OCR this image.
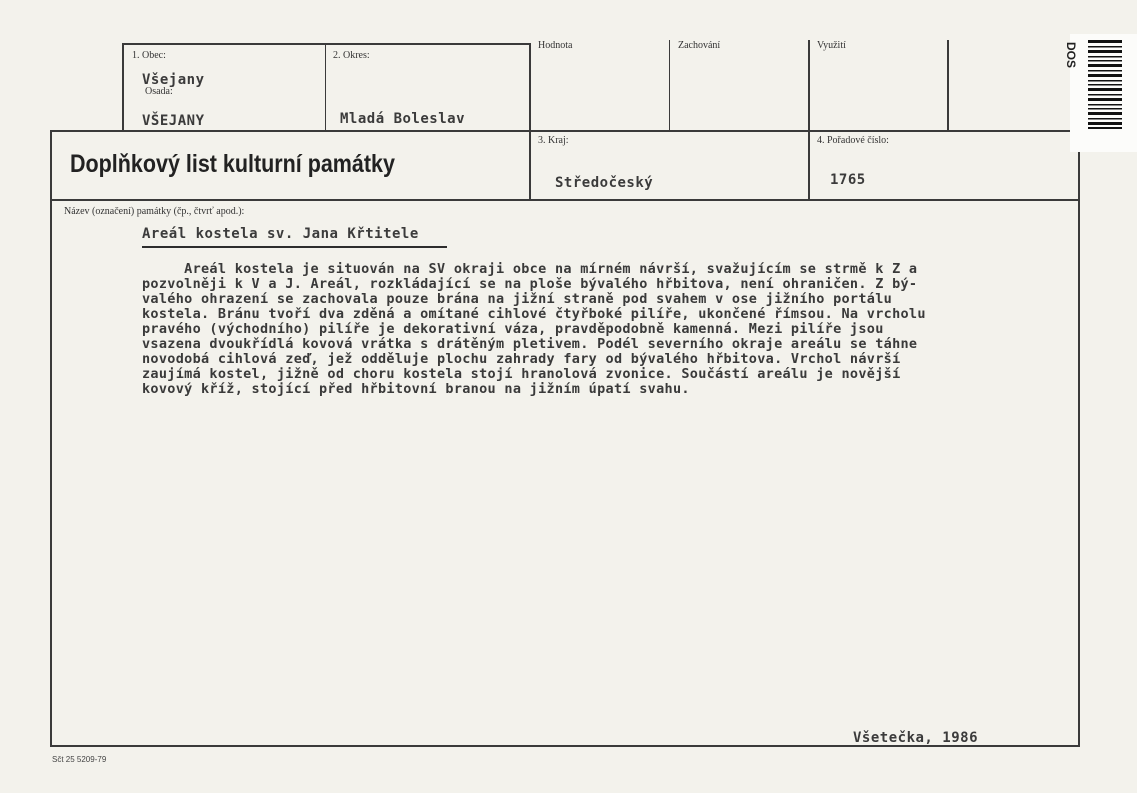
1. Obec:
Všejany
Osada:
VŠEJANY
2. Okres:
Mladá Boleslav
Hodnota	Zachování	Využití
Doplňkový list kulturní památky
3. Kraj:
Středočeský
4. Pořadové číslo:
1765
Název (označení) památky (čp., čtvrť apod.):
Areál kostela sv. Jana Křtitele
Areál kostela je situován na SV okraji obce na mírném návrší, svažujícím se strmě k Z a
pozvolněji k V a J. Areál, rozkládající se na ploše bývalého hřbitova, není ohraničen. Z bý-
valého ohrazení se zachovala pouze brána na jižní straně pod svahem v ose jižního portálu
kostela. Bránu tvoří dva zděná a omítané cihlové čtyřboké pilíře, ukončené římsou. Na vrcholu
pravého (východního) pilíře je dekorativní váza, pravděpodobně kamenná. Mezi pilíře jsou
vsazena dvoukřídlá kovová vrátka s drátěným pletivem. Podél severního okraje areálu se táhne
novodobá cihlová zeď, jež odděluje plochu zahrady fary od bývalého hřbitova. Vrchol návrší
zaujímá kostel, jižně od choru kostela stojí hranolová zvonice. Součástí areálu je novější
kovový kříž, stojící před hřbitovní branou na jižním úpatí svahu.
Všetečka, 1986
DOS
Sčt 25 5209-79
